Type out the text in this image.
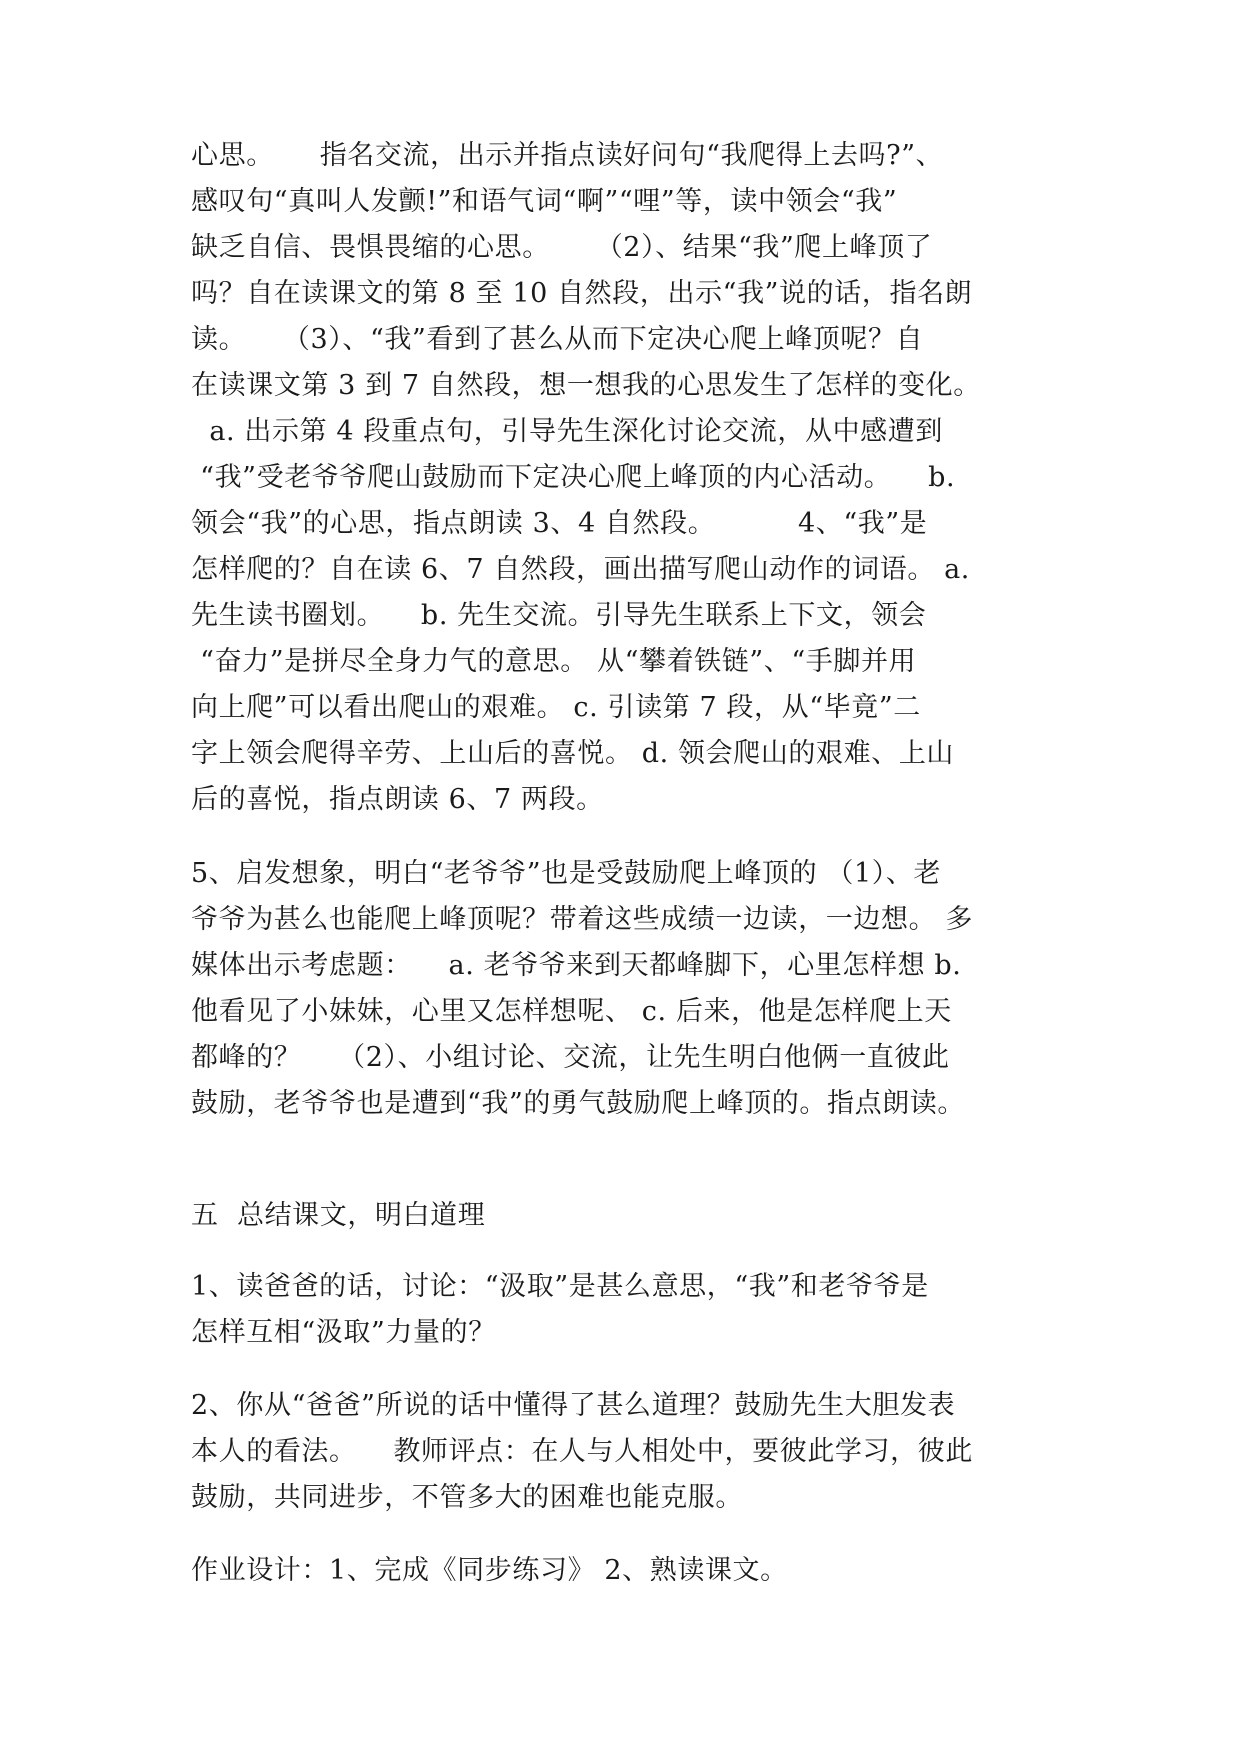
心思。     指名交流，出示并指点读好问句“我爬得上去吗?”、
感叹句“真叫人发颤!”和语气词“啊”“哩”等，读中领会“我”
缺乏自信、畏惧畏缩的心思。     （2）、结果“我”爬上峰顶了
吗？自在读课文的第 8 至 10 自然段，出示“我”说的话，指名朗
读。    （3）、“我”看到了甚么从而下定决心爬上峰顶呢？自
在读课文第 3 到 7 自然段，想一想我的心思发生了怎样的变化。
a. 出示第 4 段重点句，引导先生深化讨论交流，从中感遭到
“我”受老爷爷爬山鼓励而下定决心爬上峰顶的内心活动。    b.
领会“我”的心思，指点朗读 3、4 自然段。         4、“我”是
怎样爬的？自在读 6、7 自然段，画出描写爬山动作的词语。 a.
先生读书圈划。    b. 先生交流。引导先生联系上下文，领会
“奋力”是拼尽全身力气的意思。 从“攀着铁链”、“手脚并用
向上爬”可以看出爬山的艰难。 c. 引读第 7 段，从“毕竟”二
字上领会爬得辛劳、上山后的喜悦。 d. 领会爬山的艰难、上山
后的喜悦，指点朗读 6、7 两段。
5、启发想象，明白“老爷爷”也是受鼓励爬上峰顶的 （1）、老
爷爷为甚么也能爬上峰顶呢？带着这些成绩一边读，一边想。 多
媒体出示考虑题：    a. 老爷爷来到天都峰脚下，心里怎样想 b.
他看见了小妹妹，心里又怎样想呢、 c. 后来，他是怎样爬上天
都峰的？    （2）、小组讨论、交流，让先生明白他俩一直彼此
鼓励，老爷爷也是遭到“我”的勇气鼓励爬上峰顶的。指点朗读。
五  总结课文，明白道理
1、读爸爸的话，讨论：“汲取”是甚么意思，“我”和老爷爷是
怎样互相“汲取”力量的？
2、你从“爸爸”所说的话中懂得了甚么道理？鼓励先生大胆发表
本人的看法。    教师评点：在人与人相处中，要彼此学习，彼此
鼓励，共同进步，不管多大的困难也能克服。
作业设计：1、完成《同步练习》 2、熟读课文。
